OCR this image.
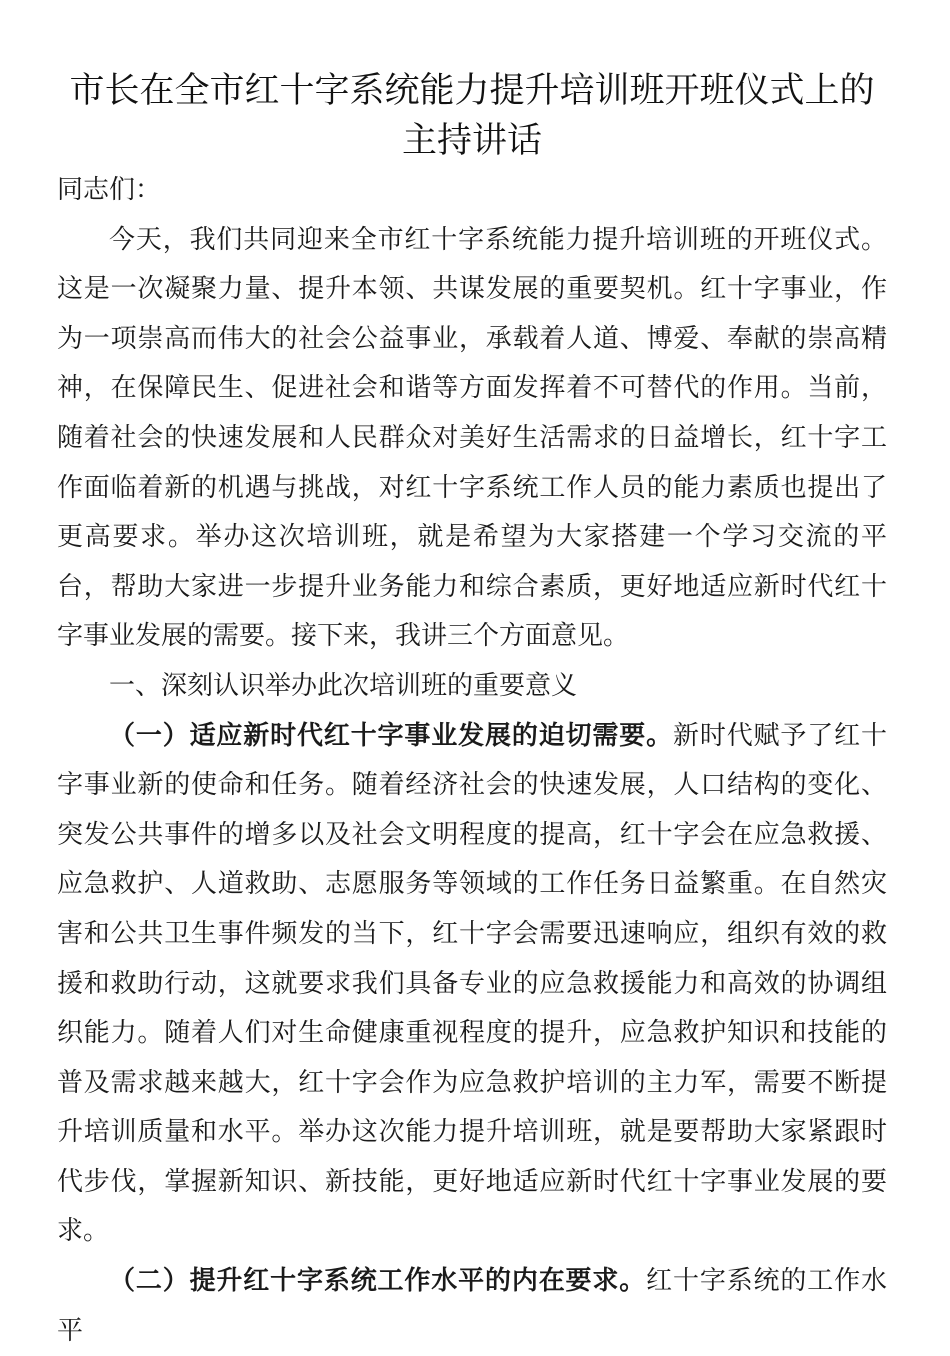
市长在全市红十字系统能力提升培训班开班仪式上的主持讲话

同志们：

今天，我们共同迎来全市红十字系统能力提升培训班的开班仪式。这是一次凝聚力量、提升本领、共谋发展的重要契机。红十字事业，作为一项崇高而伟大的社会公益事业，承载着人道、博爱、奉献的崇高精神，在保障民生、促进社会和谐等方面发挥着不可替代的作用。当前，随着社会的快速发展和人民群众对美好生活需求的日益增长，红十字工作面临着新的机遇与挑战，对红十字系统工作人员的能力素质也提出了更高要求。举办这次培训班，就是希望为大家搭建一个学习交流的平台，帮助大家进一步提升业务能力和综合素质，更好地适应新时代红十字事业发展的需要。接下来，我讲三个方面意见。

一、深刻认识举办此次培训班的重要意义

（一）适应新时代红十字事业发展的迫切需要。新时代赋予了红十字事业新的使命和任务。随着经济社会的快速发展，人口结构的变化、突发公共事件的增多以及社会文明程度的提高，红十字会在应急救援、应急救护、人道救助、志愿服务等领域的工作任务日益繁重。在自然灾害和公共卫生事件频发的当下，红十字会需要迅速响应，组织有效的救援和救助行动，这就要求我们具备专业的应急救援能力和高效的协调组织能力。随着人们对生命健康重视程度的提升，应急救护知识和技能的普及需求越来越大，红十字会作为应急救护培训的主力军，需要不断提升培训质量和水平。举办这次能力提升培训班，就是要帮助大家紧跟时代步伐，掌握新知识、新技能，更好地适应新时代红十字事业发展的要求。

（二）提升红十字系统工作水平的内在要求。红十字系统的工作水平
